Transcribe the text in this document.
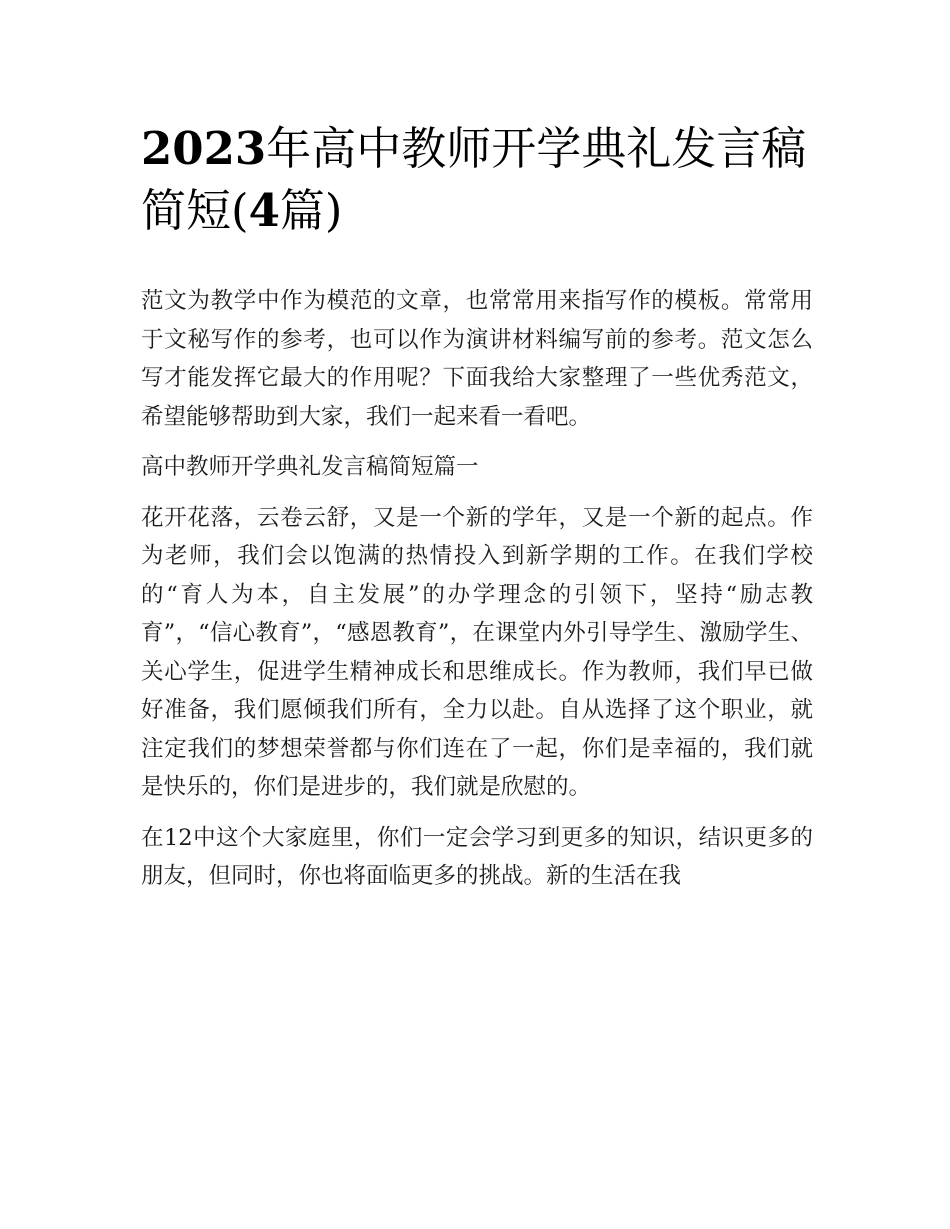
2023年高中教师开学典礼发言稿简短(4篇)

范文为教学中作为模范的文章，也常常用来指写作的模板。常常用于文秘写作的参考，也可以作为演讲材料编写前的参考。范文怎么写才能发挥它最大的作用呢？下面我给大家整理了一些优秀范文，希望能够帮助到大家，我们一起来看一看吧。

高中教师开学典礼发言稿简短篇一

花开花落，云卷云舒，又是一个新的学年，又是一个新的起点。作为老师，我们会以饱满的热情投入到新学期的工作。在我们学校的“育人为本，自主发展”的办学理念的引领下，坚持“励志教育”，“信心教育”，“感恩教育”，在课堂内外引导学生、激励学生、关心学生，促进学生精神成长和思维成长。作为教师，我们早已做好准备，我们愿倾我们所有，全力以赴。自从选择了这个职业，就注定我们的梦想荣誉都与你们连在了一起，你们是幸福的，我们就是快乐的，你们是进步的，我们就是欣慰的。

在12中这个大家庭里，你们一定会学习到更多的知识，结识更多的朋友，但同时，你也将面临更多的挑战。新的生活在我
